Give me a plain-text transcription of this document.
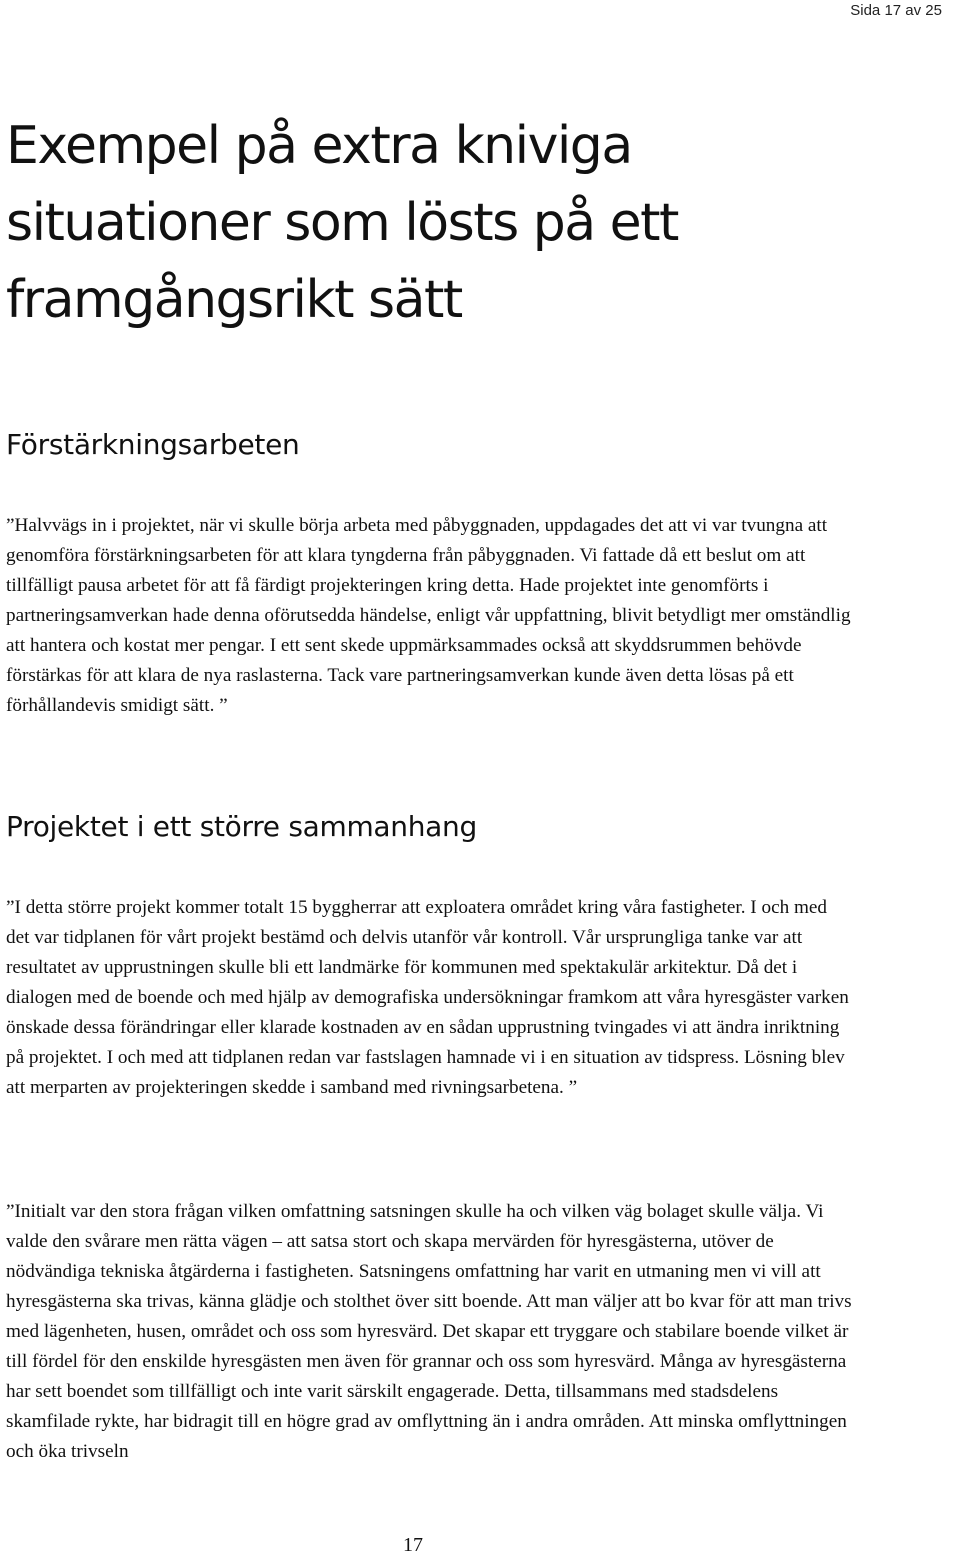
Sida 17 av 25
Exempel på extra kniviga situationer som lösts på ett framgångsrikt sätt
Förstärkningsarbeten

”Halvvägs in i projektet, när vi skulle börja arbeta med påbyggnaden, uppdagades det att vi var tvungna att genomföra förstärkningsarbeten för att klara tyngderna från påbyggnaden. Vi fattade då ett beslut om att tillfälligt pausa arbetet för att få färdigt projekteringen kring detta. Hade projektet inte genomförts i partneringsamverkan hade denna oförutsedda händelse, enligt vår uppfattning, blivit betydligt mer omständlig att hantera och kostat mer pengar. I ett sent skede uppmärksammades också att skyddsrummen behövde förstärkas för att klara de nya raslasterna. Tack vare partneringsamverkan kunde även detta lösas på ett förhållandevis smidigt sätt. ”

Projektet i ett större sammanhang

”I detta större projekt kommer totalt 15 byggherrar att exploatera området kring våra fastigheter. I och med det var tidplanen för vårt projekt bestämd och delvis utanför vår kontroll. Vår ursprungliga tanke var att resultatet av upprustningen skulle bli ett landmärke för kommunen med spektakulär arkitektur. Då det i dialogen med de boende och med hjälp av demografiska undersökningar framkom att våra hyresgäster varken önskade dessa förändringar eller klarade kostnaden av en sådan upprustning tvingades vi att ändra inriktning på projektet. I och med att tidplanen redan var fastslagen hamnade vi i en situation av tidspress. Lösning blev att merparten av projekteringen skedde i samband med rivningsarbetena. ”

”Initialt var den stora frågan vilken omfattning satsningen skulle ha och vilken väg bolaget skulle välja. Vi valde den svårare men rätta vägen – att satsa stort och skapa mervärden för hyresgästerna, utöver de nödvändiga tekniska åtgärderna i fastigheten. Satsningens omfattning har varit en utmaning men vi vill att hyresgästerna ska trivas, känna glädje och stolthet över sitt boende. Att man väljer att bo kvar för att man trivs med lägenheten, husen, området och oss som hyresvärd. Det skapar ett tryggare och stabilare boende vilket är till fördel för den enskilde hyresgästen men även för grannar och oss som hyresvärd. Många av hyresgästerna har sett boendet som tillfälligt och inte varit särskilt engagerade. Detta, tillsammans med stadsdelens skamfilade rykte, har bidragit till en högre grad av omflyttning än i andra områden. Att minska omflyttningen och öka trivseln

17
